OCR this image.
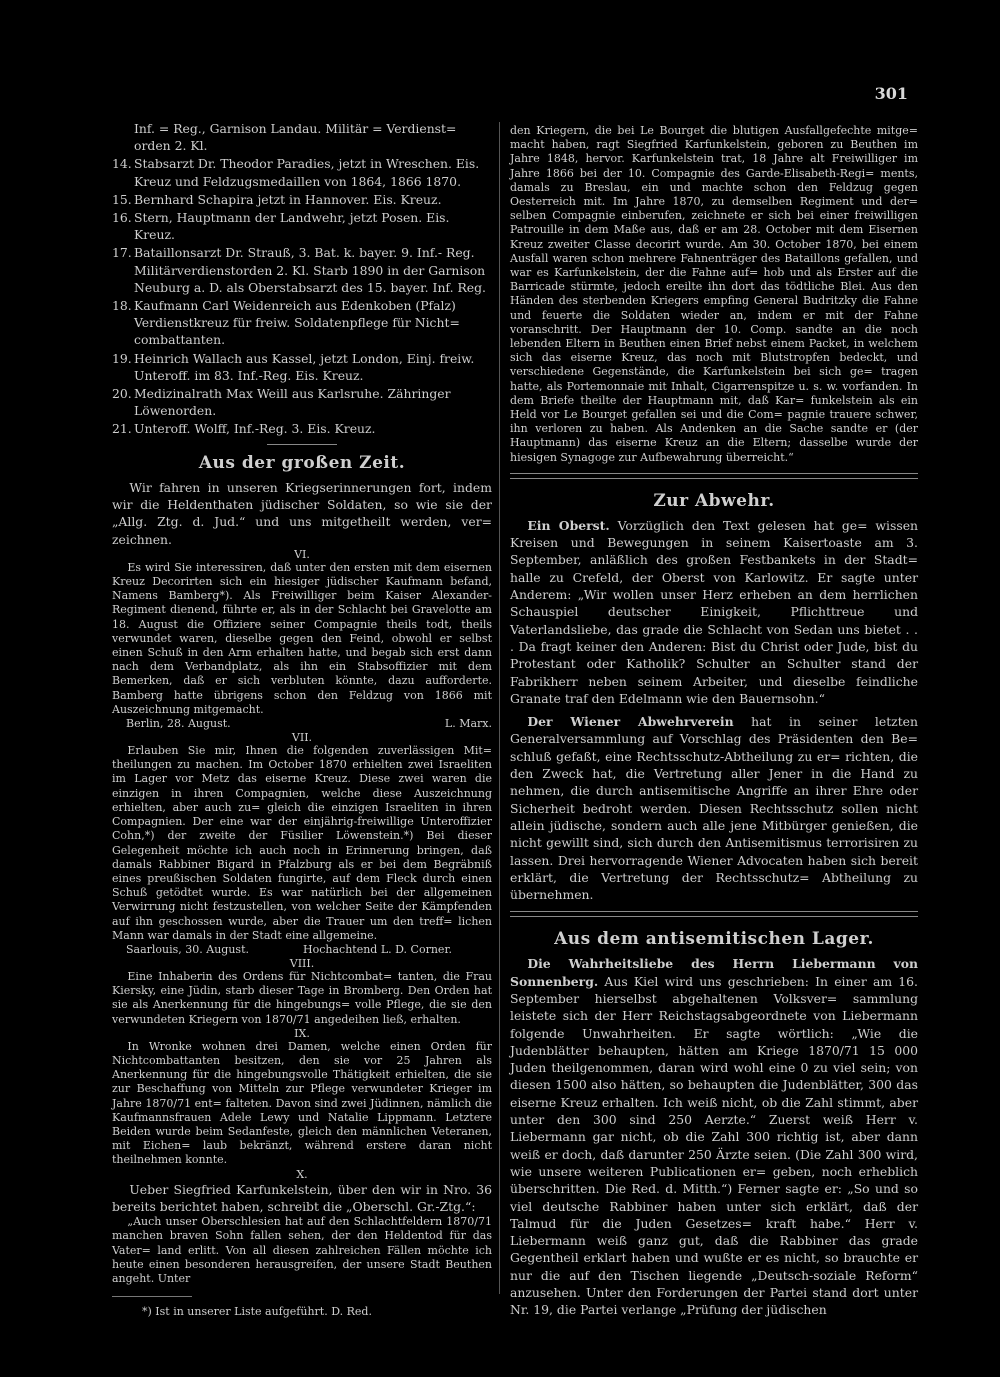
301
Inf. = Reg., Garnison Landau. Militär = Verdienst= orden 2. Kl.
14. Stabsarzt Dr. Theodor Paradies, jetzt in Wreschen. Eis. Kreuz und Feldzugsmedaillen von 1864, 1866 1870.
15. Bernhard Schapira jetzt in Hannover. Eis. Kreuz.
16. Stern, Hauptmann der Landwehr, jetzt Posen. Eis. Kreuz.
17. Bataillonsarzt Dr. Strauß, 3. Bat. k. bayer. 9. Inf.- Reg. Militärverdienstorden 2. Kl. Starb 1890 in der Garnison Neuburg a. D. als Oberstabsarzt des 15. bayer. Inf. Reg.
18. Kaufmann Carl Weidenreich aus Edenkoben (Pfalz) Verdienstkreuz für freiw. Soldatenpflege für Nicht= combattanten.
19. Heinrich Wallach aus Kassel, jetzt London, Einj. freiw. Unteroff. im 83. Inf.-Reg. Eis. Kreuz.
20. Medizinalrath Max Weill aus Karlsruhe. Zähringer Löwenorden.
21. Unteroff. Wolff, Inf.-Reg. 3. Eis. Kreuz.
Aus der großen Zeit.

Wir fahren in unseren Kriegserinnerungen fort, indem wir die Heldenthaten jüdischer Soldaten, so wie sie der „Allg. Ztg. d. Jud.“ und uns mitgetheilt werden, ver= zeichnen.

VI.

Es wird Sie interessiren, daß unter den ersten mit dem eisernen Kreuz Decorirten sich ein hiesiger jüdischer Kaufmann befand, Namens Bamberg*). Als Freiwilliger beim Kaiser Alexander-Regiment dienend, führte er, als in der Schlacht bei Gravelotte am 18. August die Offiziere seiner Compagnie theils todt, theils verwundet waren, dieselbe gegen den Feind, obwohl er selbst einen Schuß in den Arm erhalten hatte, und begab sich erst dann nach dem Verbandplatz, als ihn ein Stabsoffizier mit dem Bemerken, daß er sich verbluten könnte, dazu aufforderte. Bamberg hatte übrigens schon den Feldzug von 1866 mit Auszeichnung mitgemacht.

Berlin, 28. August.	L. Marx.

VII.

Erlauben Sie mir, Ihnen die folgenden zuverlässigen Mit= theilungen zu machen. Im October 1870 erhielten zwei Israeliten im Lager vor Metz das eiserne Kreuz. Diese zwei waren die einzigen in ihren Compagnien, welche diese Auszeichnung erhielten, aber auch zu= gleich die einzigen Israeliten in ihren Compagnien. Der eine war der einjährig-freiwillige Unteroffizier Cohn,*) der zweite der Füsilier Löwenstein.*) Bei dieser Gelegenheit möchte ich auch noch in Erinnerung bringen, daß damals Rabbiner Bigard in Pfalzburg als er bei dem Begräbniß eines preußischen Soldaten fungirte, auf dem Fleck durch einen Schuß getödtet wurde. Es war natürlich bei der allgemeinen Verwirrung nicht festzustellen, von welcher Seite der Kämpfenden auf ihn geschossen wurde, aber die Trauer um den treff= lichen Mann war damals in der Stadt eine allgemeine.

Saarlouis, 30. August.	Hochachtend L. D. Corner.

VIII.

Eine Inhaberin des Ordens für Nichtcombat= tanten, die Frau Kiersky, eine Jüdin, starb dieser Tage in Bromberg. Den Orden hat sie als Anerkennung für die hingebungs= volle Pflege, die sie den verwundeten Kriegern von 1870/71 angedeihen ließ, erhalten.

IX.

In Wronke wohnen drei Damen, welche einen Orden für Nichtcombattanten besitzen, den sie vor 25 Jahren als Anerkennung für die hingebungsvolle Thätigkeit erhielten, die sie zur Beschaffung von Mitteln zur Pflege verwundeter Krieger im Jahre 1870/71 ent= falteten. Davon sind zwei Jüdinnen, nämlich die Kaufmannsfrauen Adele Lewy und Natalie Lippmann. Letztere Beiden wurde beim Sedanfeste, gleich den männlichen Veteranen, mit Eichen= laub bekränzt, während erstere daran nicht theilnehmen konnte.

X.

Ueber Siegfried Karfunkelstein, über den wir in Nro. 36 bereits berichtet haben, schreibt die „Oberschl. Gr.-Ztg.“:

„Auch unser Oberschlesien hat auf den Schlachtfeldern 1870/71 manchen braven Sohn fallen sehen, der den Heldentod für das Vater= land erlitt. Von all diesen zahlreichen Fällen möchte ich heute einen besonderen herausgreifen, der unsere Stadt Beuthen angeht. Unter

*) Ist in unserer Liste aufgeführt. D. Red.

den Kriegern, die bei Le Bourget die blutigen Ausfallgefechte mitge= macht haben, ragt Siegfried Karfunkelstein, geboren zu Beuthen im Jahre 1848, hervor. Karfunkelstein trat, 18 Jahre alt Freiwilliger im Jahre 1866 bei der 10. Compagnie des Garde-Elisabeth-Regi= ments, damals zu Breslau, ein und machte schon den Feldzug gegen Oesterreich mit. Im Jahre 1870, zu demselben Regiment und der= selben Compagnie einberufen, zeichnete er sich bei einer freiwilligen Patrouille in dem Maße aus, daß er am 28. October mit dem Eisernen Kreuz zweiter Classe decorirt wurde. Am 30. October 1870, bei einem Ausfall waren schon mehrere Fahnenträger des Bataillons gefallen, und war es Karfunkelstein, der die Fahne auf= hob und als Erster auf die Barricade stürmte, jedoch ereilte ihn dort das tödtliche Blei. Aus den Händen des sterbenden Kriegers empfing General Budritzky die Fahne und feuerte die Soldaten wieder an, indem er mit der Fahne voranschritt. Der Hauptmann der 10. Comp. sandte an die noch lebenden Eltern in Beuthen einen Brief nebst einem Packet, in welchem sich das eiserne Kreuz, das noch mit Blutstropfen bedeckt, und verschiedene Gegenstände, die Karfunkelstein bei sich ge= tragen hatte, als Portemonnaie mit Inhalt, Cigarrenspitze u. s. w. vorfanden. In dem Briefe theilte der Hauptmann mit, daß Kar= funkelstein als ein Held vor Le Bourget gefallen sei und die Com= pagnie trauere schwer, ihn verloren zu haben. Als Andenken an die Sache sandte er (der Hauptmann) das eiserne Kreuz an die Eltern; dasselbe wurde der hiesigen Synagoge zur Aufbewahrung überreicht.“

Zur Abwehr.

Ein Oberst. Vorzüglich den Text gelesen hat ge= wissen Kreisen und Bewegungen in seinem Kaisertoaste am 3. September, anläßlich des großen Festbankets in der Stadt= halle zu Crefeld, der Oberst von Karlowitz. Er sagte unter Anderem: „Wir wollen unser Herz erheben an dem herrlichen Schauspiel deutscher Einigkeit, Pflichttreue und Vaterlandsliebe, das grade die Schlacht von Sedan uns bietet . . . Da fragt keiner den Anderen: Bist du Christ oder Jude, bist du Protestant oder Katholik? Schulter an Schulter stand der Fabrikherr neben seinem Arbeiter, und dieselbe feindliche Granate traf den Edelmann wie den Bauernsohn.“

Der Wiener Abwehrverein hat in seiner letzten Generalversammlung auf Vorschlag des Präsidenten den Be= schluß gefaßt, eine Rechtsschutz-Abtheilung zu er= richten, die den Zweck hat, die Vertretung aller Jener in die Hand zu nehmen, die durch antisemitische Angriffe an ihrer Ehre oder Sicherheit bedroht werden. Diesen Rechtsschutz sollen nicht allein jüdische, sondern auch alle jene Mitbürger genießen, die nicht gewillt sind, sich durch den Antisemitismus terrorisiren zu lassen. Drei hervorragende Wiener Advocaten haben sich bereit erklärt, die Vertretung der Rechtsschutz= Abtheilung zu übernehmen.

Aus dem antisemitischen Lager.

Die Wahrheitsliebe des Herrn Liebermann von Sonnenberg. Aus Kiel wird uns geschrieben: In einer am 16. September hierselbst abgehaltenen Volksver= sammlung leistete sich der Herr Reichstagsabgeordnete von Liebermann folgende Unwahrheiten. Er sagte wörtlich: „Wie die Judenblätter behaupten, hätten am Kriege 1870/71 15 000 Juden theilgenommen, daran wird wohl eine 0 zu viel sein; von diesen 1500 also hätten, so behaupten die Judenblätter, 300 das eiserne Kreuz erhalten. Ich weiß nicht, ob die Zahl stimmt, aber unter den 300 sind 250 Aerzte.“ Zuerst weiß Herr v. Liebermann gar nicht, ob die Zahl 300 richtig ist, aber dann weiß er doch, daß darunter 250 Ärzte seien. (Die Zahl 300 wird, wie unsere weiteren Publicationen er= geben, noch erheblich überschritten. Die Red. d. Mitth.“) Ferner sagte er: „So und so viel deutsche Rabbiner haben unter sich erklärt, daß der Talmud für die Juden Gesetzes= kraft habe.“ Herr v. Liebermann weiß ganz gut, daß die Rabbiner das grade Gegentheil erklart haben und wußte er es nicht, so brauchte er nur die auf den Tischen liegende „Deutsch-soziale Reform“ anzusehen. Unter den Forderungen der Partei stand dort unter Nr. 19, die Partei verlange „Prüfung der jüdischen
